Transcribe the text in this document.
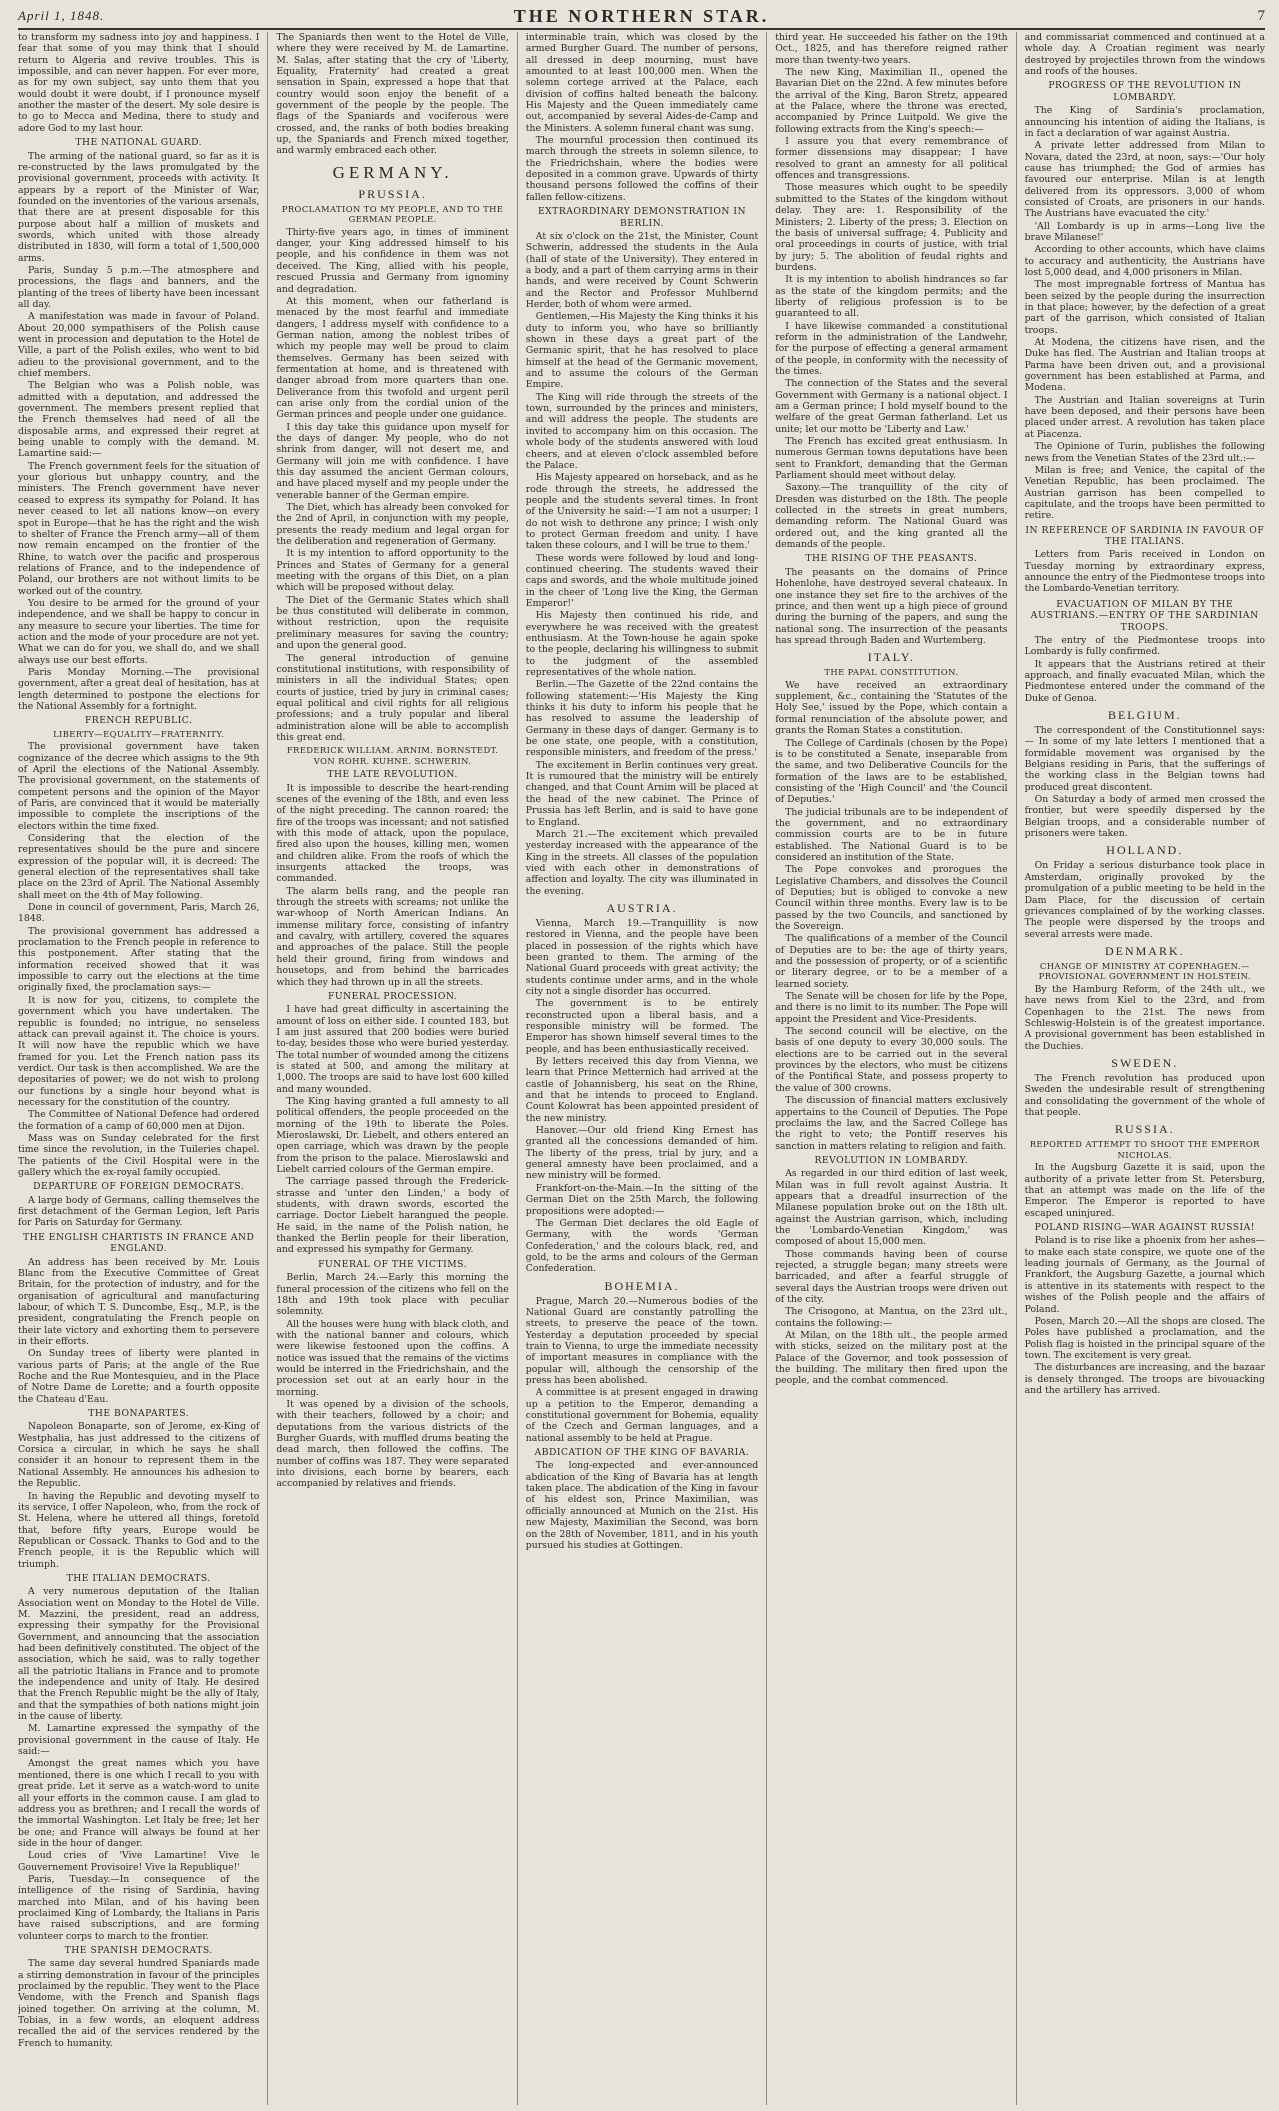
April 1, 1848.	THE NORTHERN STAR.	7

to transform my sadness into joy and happiness. I fear that some of you may think that I should return to Algeria and revive troubles. This is impossible, and can never happen. For ever more, as for my own subject, say unto them that you would doubt it were doubt, if I pronounce myself another the master of the desert. My sole desire is to go to Mecca and Medina, there to study and adore God to my last hour.

THE NATIONAL GUARD.

The arming of the national guard, so far as it is re-constructed by the laws promulgated by the provisional government, proceeds with activity. It appears by a report of the Minister of War, founded on the inventories of the various arsenals, that there are at present disposable for this purpose about half a million of muskets and swords, which united with those already distributed in 1830, will form a total of 1,500,000 arms.

Paris, Sunday 5 p.m.—The atmosphere and processions, the flags and banners, and the planting of the trees of liberty have been incessant all day.

A manifestation was made in favour of Poland. About 20,000 sympathisers of the Polish cause went in procession and deputation to the Hotel de Ville, a part of the Polish exiles, who went to bid adieu to the provisional government, and to the chief members.

The Belgian who was a Polish noble, was admitted with a deputation, and addressed the government. The members present replied that the French themselves had need of all the disposable arms, and expressed their regret at being unable to comply with the demand. M. Lamartine said:—

The French government feels for the situation of your glorious but unhappy country, and the ministers. The French government have never ceased to express its sympathy for Poland. It has never ceased to let all nations know—on every spot in Europe—that he has the right and the wish to shelter of France the French army—all of them now remain encamped on the frontier of the Rhine, to watch over the pacific and prosperous relations of France, and to the independence of Poland, our brothers are not without limits to be worked out of the country.

You desire to be armed for the ground of your independence, and we shall be happy to concur in any measure to secure your liberties. The time for action and the mode of your procedure are not yet. What we can do for you, we shall do, and we shall always use our best efforts.

Paris Monday Morning.—The provisional government, after a great deal of hesitation, has at length determined to postpone the elections for the National Assembly for a fortnight.

FRENCH REPUBLIC.
LIBERTY—EQUALITY—FRATERNITY.

The provisional government have taken cognizance of the decree which assigns to the 9th of April the elections of the National Assembly. The provisional government, on the statements of competent persons and the opinion of the Mayor of Paris, are convinced that it would be materially impossible to complete the inscriptions of the electors within the time fixed.

Considering that the election of the representatives should be the pure and sincere expression of the popular will, it is decreed: The general election of the representatives shall take place on the 23rd of April. The National Assembly shall meet on the 4th of May following.

Done in council of government, Paris, March 26, 1848.

The provisional government has addressed a proclamation to the French people in reference to this postponement. After stating that the information received showed that it was impossible to carry out the elections at the time originally fixed, the proclamation says:—

It is now for you, citizens, to complete the government which you have undertaken. The republic is founded; no intrigue, no senseless attack can prevail against it. The choice is yours. It will now have the republic which we have framed for you. Let the French nation pass its verdict. Our task is then accomplished. We are the depositaries of power; we do not wish to prolong our functions by a single hour beyond what is necessary for the constitution of the country.

The Committee of National Defence had ordered the formation of a camp of 60,000 men at Dijon.

Mass was on Sunday celebrated for the first time since the revolution, in the Tuileries chapel. The patients of the Civil Hospital were in the gallery which the ex-royal family occupied.

DEPARTURE OF FOREIGN DEMOCRATS.

A large body of Germans, calling themselves the first detachment of the German Legion, left Paris for Paris on Saturday for Germany.

THE ENGLISH CHARTISTS IN FRANCE AND ENGLAND.

An address has been received by Mr. Louis Blanc from the Executive Committee of Great Britain, for the protection of industry, and for the organisation of agricultural and manufacturing labour, of which T. S. Duncombe, Esq., M.P., is the president, congratulating the French people on their late victory and exhorting them to persevere in their efforts.

On Sunday trees of liberty were planted in various parts of Paris; at the angle of the Rue Roche and the Rue Montesquieu, and in the Place of Notre Dame de Lorette; and a fourth opposite the Chateau d'Eau.

THE BONAPARTES.

Napoleon Bonaparte, son of Jerome, ex-King of Westphalia, has just addressed to the citizens of Corsica a circular, in which he says he shall consider it an honour to represent them in the National Assembly. He announces his adhesion to the Republic.

In having the Republic and devoting myself to its service, I offer Napoleon, who, from the rock of St. Helena, where he uttered all things, foretold that, before fifty years, Europe would be Republican or Cossack. Thanks to God and to the French people, it is the Republic which will triumph.

THE ITALIAN DEMOCRATS.

A very numerous deputation of the Italian Association went on Monday to the Hotel de Ville. M. Mazzini, the president, read an address, expressing their sympathy for the Provisional Government, and announcing that the association had been definitively constituted. The object of the association, which he said, was to rally together all the patriotic Italians in France and to promote the independence and unity of Italy. He desired that the French Republic might be the ally of Italy, and that the sympathies of both nations might join in the cause of liberty.

M. Lamartine expressed the sympathy of the provisional government in the cause of Italy. He said:—

Amongst the great names which you have mentioned, there is one which I recall to you with great pride. Let it serve as a watch-word to unite all your efforts in the common cause. I am glad to address you as brethren; and I recall the words of the immortal Washington. Let Italy be free; let her be one; and France will always be found at her side in the hour of danger.

Loud cries of 'Vive Lamartine! Vive le Gouvernement Provisoire! Vive la Republique!'

Paris, Tuesday.—In consequence of the intelligence of the rising of Sardinia, having marched into Milan, and of his having been proclaimed King of Lombardy, the Italians in Paris have raised subscriptions, and are forming volunteer corps to march to the frontier.

THE SPANISH DEMOCRATS.

The same day several hundred Spaniards made a stirring demonstration in favour of the principles proclaimed by the republic. They went to the Place Vendome, with the French and Spanish flags joined together. On arriving at the column, M. Tobias, in a few words, an eloquent address recalled the aid of the services rendered by the French to humanity.

The Spaniards then went to the Hotel de Ville, where they were received by M. de Lamartine. M. Salas, after stating that the cry of 'Liberty, Equality, Fraternity' had created a great sensation in Spain, expressed a hope that that country would soon enjoy the benefit of a government of the people by the people. The flags of the Spaniards and vociferous were crossed, and, the ranks of both bodies breaking up, the Spaniards and French mixed together, and warmly embraced each other.

GERMANY.
PRUSSIA.
PROCLAMATION TO MY PEOPLE, AND TO THE GERMAN PEOPLE.

Thirty-five years ago, in times of imminent danger, your King addressed himself to his people, and his confidence in them was not deceived. The King, allied with his people, rescued Prussia and Germany from ignominy and degradation.

At this moment, when our fatherland is menaced by the most fearful and immediate dangers, I address myself with confidence to a German nation, among the noblest tribes of which my people may well be proud to claim themselves. Germany has been seized with fermentation at home, and is threatened with danger abroad from more quarters than one. Deliverance from this twofold and urgent peril can arise only from the cordial union of the German princes and people under one guidance.

I this day take this guidance upon myself for the days of danger. My people, who do not shrink from danger, will not desert me, and Germany will join me with confidence. I have this day assumed the ancient German colours, and have placed myself and my people under the venerable banner of the German empire.

The Diet, which has already been convoked for the 2nd of April, in conjunction with my people, presents the ready medium and legal organ for the deliberation and regeneration of Germany.

It is my intention to afford opportunity to the Princes and States of Germany for a general meeting with the organs of this Diet, on a plan which will be proposed without delay.

The Diet of the Germanic States which shall be thus constituted will deliberate in common, without restriction, upon the requisite preliminary measures for saving the country; and upon the general good.

The general introduction of genuine constitutional institutions, with responsibility of ministers in all the individual States; open courts of justice, tried by jury in criminal cases; equal political and civil rights for all religious professions; and a truly popular and liberal administration alone will be able to accomplish this great end.

FREDERICK WILLIAM. ARNIM. BORNSTEDT. VON ROHR. KUHNE. SCHWERIN.
THE LATE REVOLUTION.

It is impossible to describe the heart-rending scenes of the evening of the 18th, and even less of the night preceding. The cannon roared; the fire of the troops was incessant; and not satisfied with this mode of attack, upon the populace, fired also upon the houses, killing men, women and children alike. From the roofs of which the insurgents attacked the troops, was commanded.

The alarm bells rang, and the people ran through the streets with screams; not unlike the war-whoop of North American Indians. An immense military force, consisting of infantry and cavalry, with artillery, covered the squares and approaches of the palace. Still the people held their ground, firing from windows and housetops, and from behind the barricades which they had thrown up in all the streets.

FUNERAL PROCESSION.

I have had great difficulty in ascertaining the amount of loss on either side. I counted 183, but I am just assured that 200 bodies were buried to-day, besides those who were buried yesterday. The total number of wounded among the citizens is stated at 500, and among the military at 1,000. The troops are said to have lost 600 killed and many wounded.

The King having granted a full amnesty to all political offenders, the people proceeded on the morning of the 19th to liberate the Poles. Mieroslawski, Dr. Liebelt, and others entered an open carriage, which was drawn by the people from the prison to the palace. Mieroslawski and Liebelt carried colours of the German empire.

The carriage passed through the Frederick-strasse and 'unter den Linden,' a body of students, with drawn swords, escorted the carriage. Doctor Liebelt harangued the people. He said, in the name of the Polish nation, he thanked the Berlin people for their liberation, and expressed his sympathy for Germany.

FUNERAL OF THE VICTIMS.

Berlin, March 24.—Early this morning the funeral procession of the citizens who fell on the 18th and 19th took place with peculiar solemnity.

All the houses were hung with black cloth, and with the national banner and colours, which were likewise festooned upon the coffins. A notice was issued that the remains of the victims would be interred in the Friedrichshain, and the procession set out at an early hour in the morning.

It was opened by a division of the schools, with their teachers, followed by a choir; and deputations from the various districts of the Burgher Guards, with muffled drums beating the dead march, then followed the coffins. The number of coffins was 187. They were separated into divisions, each borne by bearers, each accompanied by relatives and friends.

interminable train, which was closed by the armed Burgher Guard. The number of persons, all dressed in deep mourning, must have amounted to at least 100,000 men. When the solemn cortege arrived at the Palace, each division of coffins halted beneath the balcony. His Majesty and the Queen immediately came out, accompanied by several Aides-de-Camp and the Ministers. A solemn funeral chant was sung.

The mournful procession then continued its march through the streets in solemn silence, to the Friedrichshain, where the bodies were deposited in a common grave. Upwards of thirty thousand persons followed the coffins of their fallen fellow-citizens.

EXTRAORDINARY DEMONSTRATION IN BERLIN.

At six o'clock on the 21st, the Minister, Count Schwerin, addressed the students in the Aula (hall of state of the University). They entered in a body, and a part of them carrying arms in their hands, and were received by Count Schwerin and the Rector and Professor Muhlbernd Herder, both of whom were armed.

Gentlemen,—His Majesty the King thinks it his duty to inform you, who have so brilliantly shown in these days a great part of the Germanic spirit, that he has resolved to place himself at the head of the Germanic movement, and to assume the colours of the German Empire.

The King will ride through the streets of the town, surrounded by the princes and ministers, and will address the people. The students are invited to accompany him on this occasion. The whole body of the students answered with loud cheers, and at eleven o'clock assembled before the Palace.

His Majesty appeared on horseback, and as he rode through the streets, he addressed the people and the students several times. In front of the University he said:—'I am not a usurper; I do not wish to dethrone any prince; I wish only to protect German freedom and unity. I have taken these colours, and I will be true to them.'

These words were followed by loud and long-continued cheering. The students waved their caps and swords, and the whole multitude joined in the cheer of 'Long live the King, the German Emperor!'

His Majesty then continued his ride, and everywhere he was received with the greatest enthusiasm. At the Town-house he again spoke to the people, declaring his willingness to submit to the judgment of the assembled representatives of the whole nation.

Berlin.—The Gazette of the 22nd contains the following statement:—'His Majesty the King thinks it his duty to inform his people that he has resolved to assume the leadership of Germany in these days of danger. Germany is to be one state, one people, with a constitution, responsible ministers, and freedom of the press.'

The excitement in Berlin continues very great. It is rumoured that the ministry will be entirely changed, and that Count Arnim will be placed at the head of the new cabinet. The Prince of Prussia has left Berlin, and is said to have gone to England.

March 21.—The excitement which prevailed yesterday increased with the appearance of the King in the streets. All classes of the population vied with each other in demonstrations of affection and loyalty. The city was illuminated in the evening.

AUSTRIA.

Vienna, March 19.—Tranquillity is now restored in Vienna, and the people have been placed in possession of the rights which have been granted to them. The arming of the National Guard proceeds with great activity; the students continue under arms, and in the whole city not a single disorder has occurred.

The government is to be entirely reconstructed upon a liberal basis, and a responsible ministry will be formed. The Emperor has shown himself several times to the people, and has been enthusiastically received.

By letters received this day from Vienna, we learn that Prince Metternich had arrived at the castle of Johannisberg, his seat on the Rhine, and that he intends to proceed to England. Count Kolowrat has been appointed president of the new ministry.

Hanover.—Our old friend King Ernest has granted all the concessions demanded of him. The liberty of the press, trial by jury, and a general amnesty have been proclaimed, and a new ministry will be formed.

Frankfort-on-the-Main.—In the sitting of the German Diet on the 25th March, the following propositions were adopted:—

The German Diet declares the old Eagle of Germany, with the words 'German Confederation,' and the colours black, red, and gold, to be the arms and colours of the German Confederation.

BOHEMIA.

Prague, March 20.—Numerous bodies of the National Guard are constantly patrolling the streets, to preserve the peace of the town. Yesterday a deputation proceeded by special train to Vienna, to urge the immediate necessity of important measures in compliance with the popular will, although the censorship of the press has been abolished.

A committee is at present engaged in drawing up a petition to the Emperor, demanding a constitutional government for Bohemia, equality of the Czech and German languages, and a national assembly to be held at Prague.

ABDICATION OF THE KING OF BAVARIA.

The long-expected and ever-announced abdication of the King of Bavaria has at length taken place. The abdication of the King in favour of his eldest son, Prince Maximilian, was officially announced at Munich on the 21st. His new Majesty, Maximilian the Second, was born on the 28th of November, 1811, and in his youth pursued his studies at Gottingen.

third year. He succeeded his father on the 19th Oct., 1825, and has therefore reigned rather more than twenty-two years.

The new King, Maximilian II., opened the Bavarian Diet on the 22nd. A few minutes before the arrival of the King, Baron Stretz, appeared at the Palace, where the throne was erected, accompanied by Prince Luitpold. We give the following extracts from the King's speech:—

I assure you that every remembrance of former dissensions may disappear; I have resolved to grant an amnesty for all political offences and transgressions.

Those measures which ought to be speedily submitted to the States of the kingdom without delay. They are: 1. Responsibility of the Ministers; 2. Liberty of the press; 3. Election on the basis of universal suffrage; 4. Publicity and oral proceedings in courts of justice, with trial by jury; 5. The abolition of feudal rights and burdens.

It is my intention to abolish hindrances so far as the state of the kingdom permits; and the liberty of religious profession is to be guaranteed to all.

I have likewise commanded a constitutional reform in the administration of the Landwehr, for the purpose of effecting a general armament of the people, in conformity with the necessity of the times.

The connection of the States and the several Government with Germany is a national object. I am a German prince; I hold myself bound to the welfare of the great German fatherland. Let us unite; let our motto be 'Liberty and Law.'

The French has excited great enthusiasm. In numerous German towns deputations have been sent to Frankfort, demanding that the German Parliament should meet without delay.

Saxony.—The tranquillity of the city of Dresden was disturbed on the 18th. The people collected in the streets in great numbers, demanding reform. The National Guard was ordered out, and the king granted all the demands of the people.

THE RISING OF THE PEASANTS.

The peasants on the domains of Prince Hohenlohe, have destroyed several chateaux. In one instance they set fire to the archives of the prince, and then went up a high piece of ground during the burning of the papers, and sung the national song. The insurrection of the peasants has spread through Baden and Wurtemberg.

ITALY.
THE PAPAL CONSTITUTION.

We have received an extraordinary supplement, &c., containing the 'Statutes of the Holy See,' issued by the Pope, which contain a formal renunciation of the absolute power, and grants the Roman States a constitution.

The College of Cardinals (chosen by the Pope) is to be constituted a Senate, inseparable from the same, and two Deliberative Councils for the formation of the laws are to be established, consisting of the 'High Council' and 'the Council of Deputies.'

The judicial tribunals are to be independent of the government, and no extraordinary commission courts are to be in future established. The National Guard is to be considered an institution of the State.

The Pope convokes and prorogues the Legislative Chambers, and dissolves the Council of Deputies; but is obliged to convoke a new Council within three months. Every law is to be passed by the two Councils, and sanctioned by the Sovereign.

The qualifications of a member of the Council of Deputies are to be: the age of thirty years, and the possession of property, or of a scientific or literary degree, or to be a member of a learned society.

The Senate will be chosen for life by the Pope, and there is no limit to its number. The Pope will appoint the President and Vice-Presidents.

The second council will be elective, on the basis of one deputy to every 30,000 souls. The elections are to be carried out in the several provinces by the electors, who must be citizens of the Pontifical State, and possess property to the value of 300 crowns.

The discussion of financial matters exclusively appertains to the Council of Deputies. The Pope proclaims the law, and the Sacred College has the right to veto; the Pontiff reserves his sanction in matters relating to religion and faith.

REVOLUTION IN LOMBARDY.

As regarded in our third edition of last week, Milan was in full revolt against Austria. It appears that a dreadful insurrection of the Milanese population broke out on the 18th ult. against the Austrian garrison, which, including the 'Lombardo-Venetian Kingdom,' was composed of about 15,000 men.

Those commands having been of course rejected, a struggle began; many streets were barricaded, and after a fearful struggle of several days the Austrian troops were driven out of the city.

The Crisogono, at Mantua, on the 23rd ult., contains the following:—

At Milan, on the 18th ult., the people armed with sticks, seized on the military post at the Palace of the Governor, and took possession of the building. The military then fired upon the people, and the combat commenced.

and commissariat commenced and continued at a whole day. A Croatian regiment was nearly destroyed by projectiles thrown from the windows and roofs of the houses.

PROGRESS OF THE REVOLUTION IN LOMBARDY.

The King of Sardinia's proclamation, announcing his intention of aiding the Italians, is in fact a declaration of war against Austria.

A private letter addressed from Milan to Novara, dated the 23rd, at noon, says:—'Our holy cause has triumphed; the God of armies has favoured our enterprise. Milan is at length delivered from its oppressors. 3,000 of whom consisted of Croats, are prisoners in our hands. The Austrians have evacuated the city.'

'All Lombardy is up in arms—Long live the brave Milanese!'

According to other accounts, which have claims to accuracy and authenticity, the Austrians have lost 5,000 dead, and 4,000 prisoners in Milan.

The most impregnable fortress of Mantua has been seized by the people during the insurrection in that place; however, by the defection of a great part of the garrison, which consisted of Italian troops.

At Modena, the citizens have risen, and the Duke has fled. The Austrian and Italian troops at Parma have been driven out, and a provisional government has been established at Parma, and Modena.

The Austrian and Italian sovereigns at Turin have been deposed, and their persons have been placed under arrest. A revolution has taken place at Piacenza.

The Opinione of Turin, publishes the following news from the Venetian States of the 23rd ult.:—

Milan is free; and Venice, the capital of the Venetian Republic, has been proclaimed. The Austrian garrison has been compelled to capitulate, and the troops have been permitted to retire.

IN REFERENCE OF SARDINIA IN FAVOUR OF THE ITALIANS.

Letters from Paris received in London on Tuesday morning by extraordinary express, announce the entry of the Piedmontese troops into the Lombardo-Venetian territory.

EVACUATION OF MILAN BY THE AUSTRIANS.—ENTRY OF THE SARDINIAN TROOPS.

The entry of the Piedmontese troops into Lombardy is fully confirmed.

It appears that the Austrians retired at their approach, and finally evacuated Milan, which the Piedmontese entered under the command of the Duke of Genoa.

BELGIUM.

The correspondent of the Constitutionnel says:— In some of my late letters I mentioned that a formidable movement was organised by the Belgians residing in Paris, that the sufferings of the working class in the Belgian towns had produced great discontent.

On Saturday a body of armed men crossed the frontier, but were speedily dispersed by the Belgian troops, and a considerable number of prisoners were taken.

HOLLAND.

On Friday a serious disturbance took place in Amsterdam, originally provoked by the promulgation of a public meeting to be held in the Dam Place, for the discussion of certain grievances complained of by the working classes. The people were dispersed by the troops and several arrests were made.

DENMARK.
CHANGE OF MINISTRY AT COPENHAGEN.—PROVISIONAL GOVERNMENT IN HOLSTEIN.

By the Hamburg Reform, of the 24th ult., we have news from Kiel to the 23rd, and from Copenhagen to the 21st. The news from Schleswig-Holstein is of the greatest importance. A provisional government has been established in the Duchies.

SWEDEN.

The French revolution has produced upon Sweden the undesirable result of strengthening and consolidating the government of the whole of that people.

RUSSIA.
REPORTED ATTEMPT TO SHOOT THE EMPEROR NICHOLAS.

In the Augsburg Gazette it is said, upon the authority of a private letter from St. Petersburg, that an attempt was made on the life of the Emperor. The Emperor is reported to have escaped uninjured.

POLAND RISING—WAR AGAINST RUSSIA!

Poland is to rise like a phoenix from her ashes—to make each state conspire, we quote one of the leading journals of Germany, as the Journal of Frankfort, the Augsburg Gazette, a journal which is attentive in its statements with respect to the wishes of the Polish people and the affairs of Poland.

Posen, March 20.—All the shops are closed. The Poles have published a proclamation, and the Polish flag is hoisted in the principal square of the town. The excitement is very great.

The disturbances are increasing, and the bazaar is densely thronged. The troops are bivouacking and the artillery has arrived.
